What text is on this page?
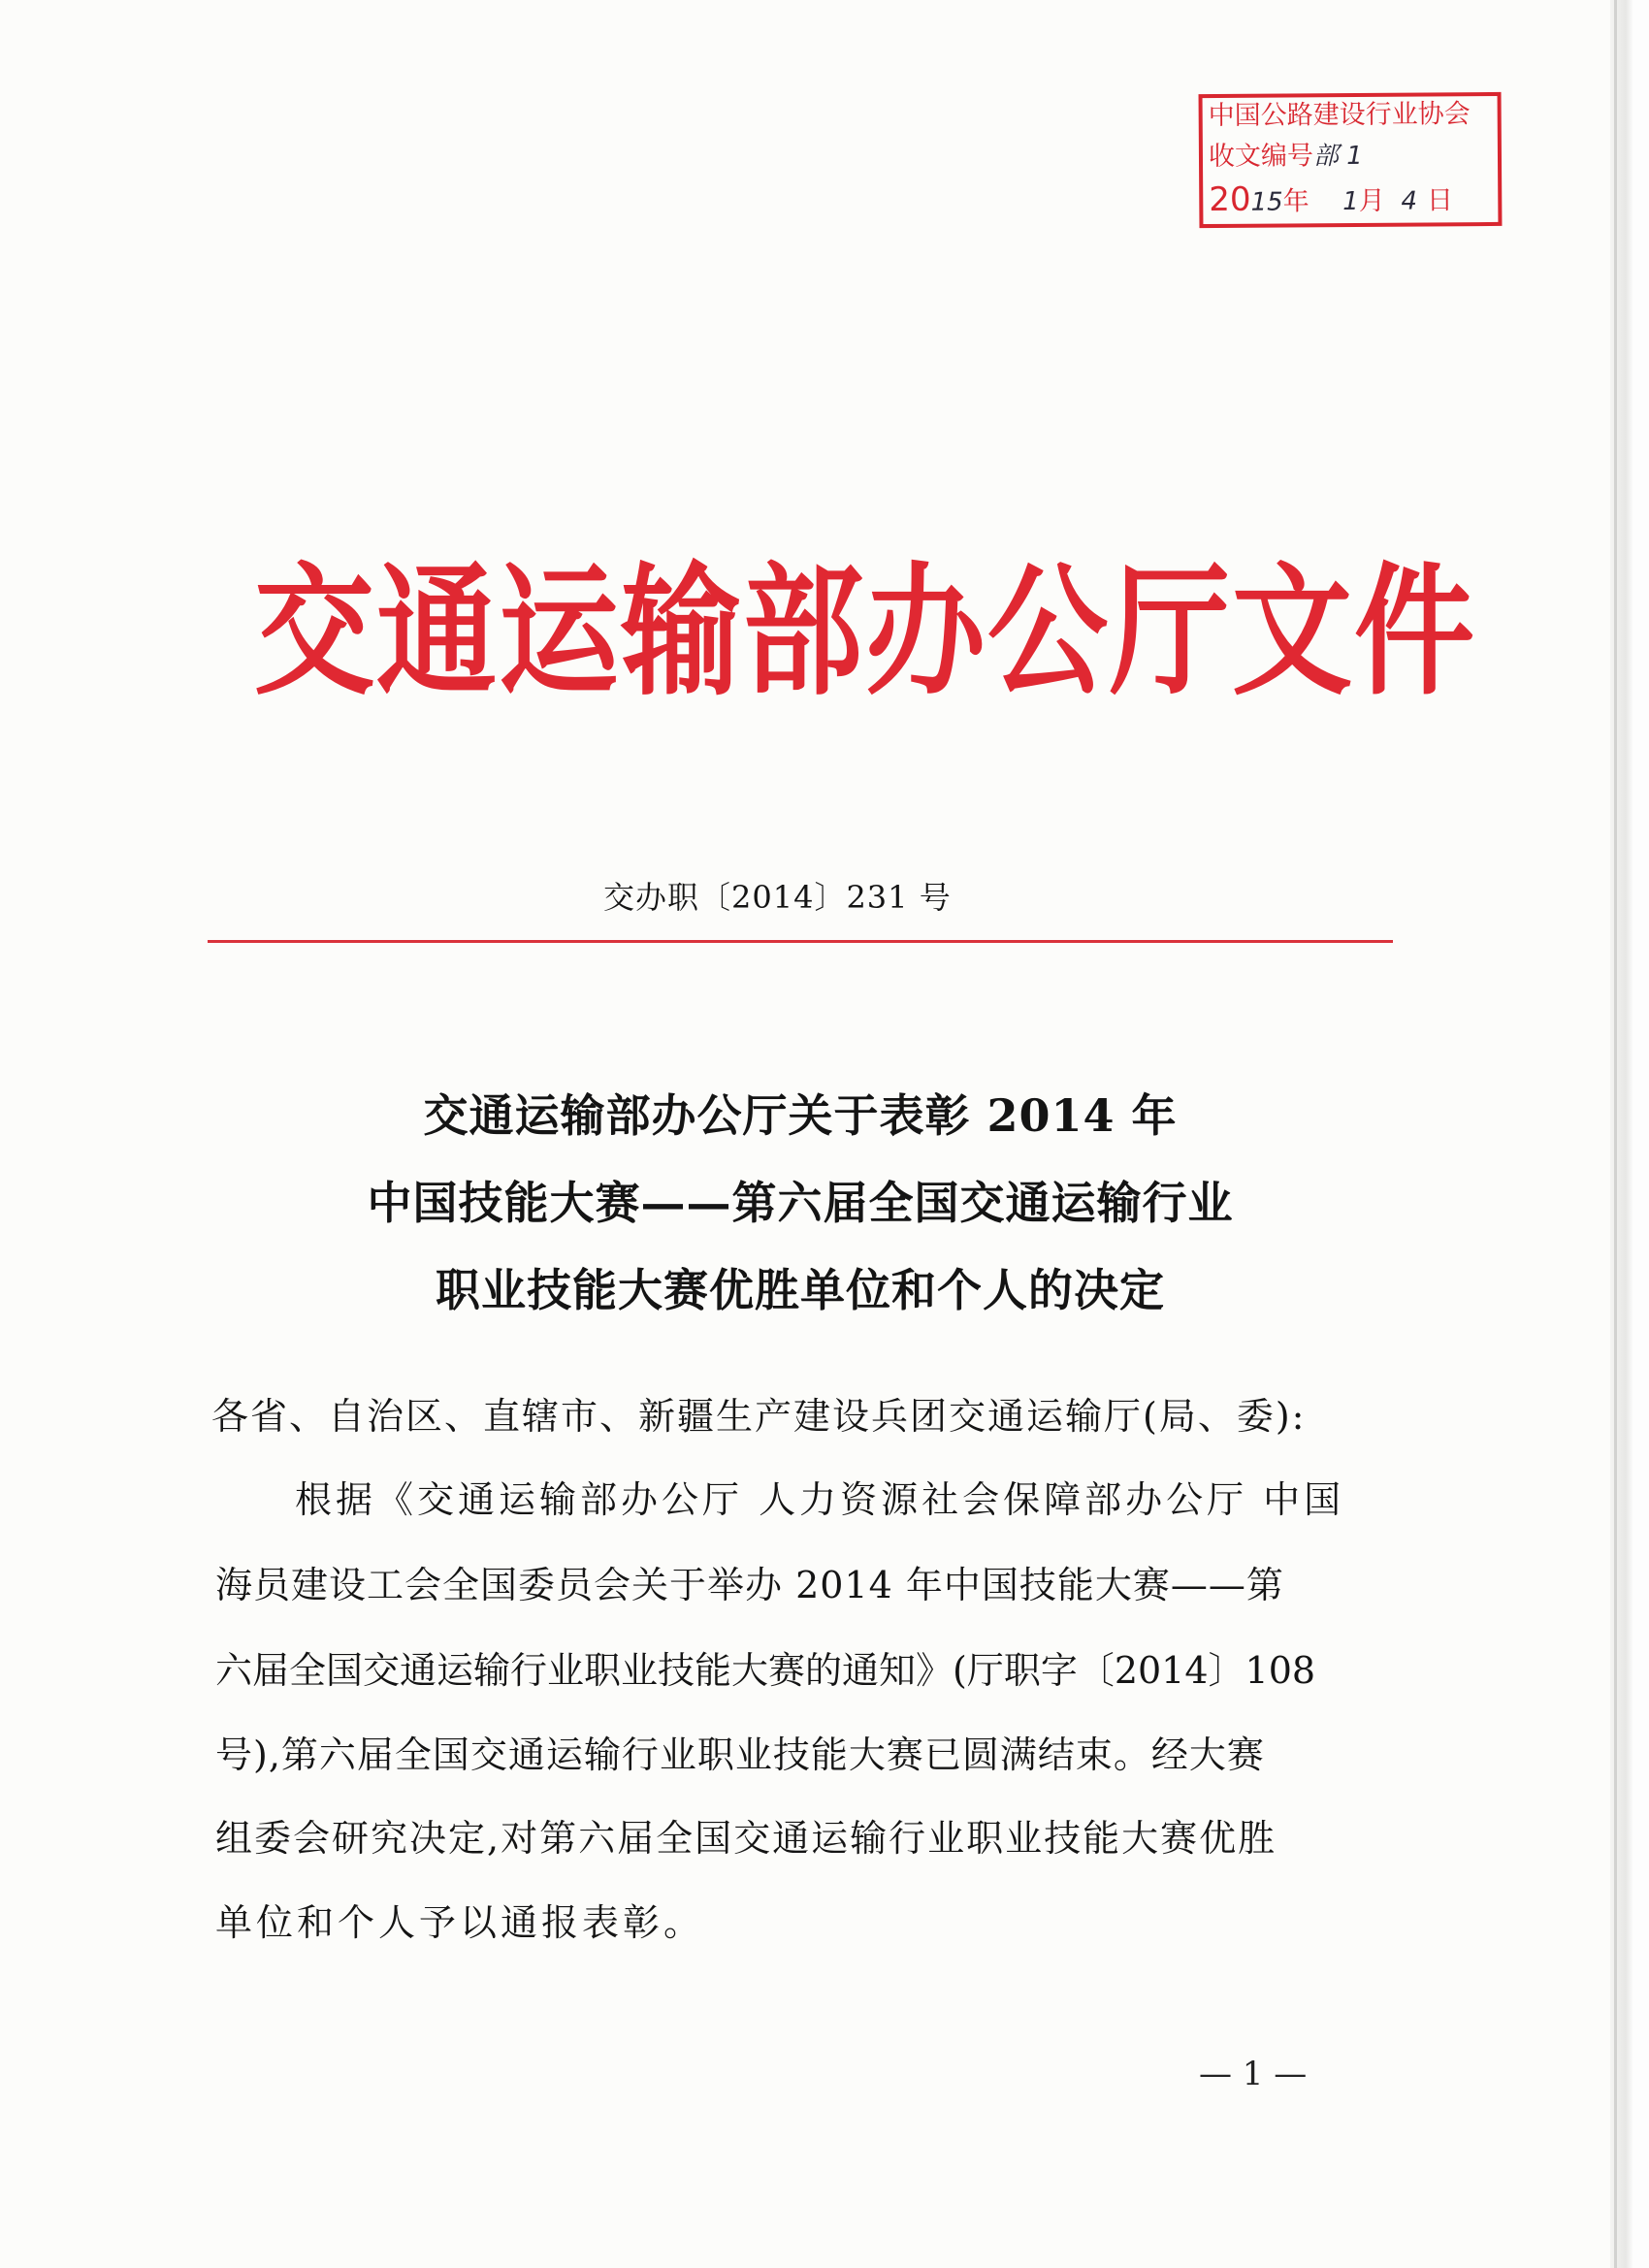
中国公路建设行业协会
收文编号部 1
2015年 1月 4 日
交通运输部办公厅文件
交办职〔2014〕231 号
交通运输部办公厅关于表彰 2014 年
中国技能大赛——第六届全国交通运输行业
职业技能大赛优胜单位和个人的决定
各省、自治区、直辖市、新疆生产建设兵团交通运输厅(局、委):
根据《交通运输部办公厅 人力资源社会保障部办公厅 中国
海员建设工会全国委员会关于举办 2014 年中国技能大赛——第
六届全国交通运输行业职业技能大赛的通知》(厅职字〔2014〕108
号),第六届全国交通运输行业职业技能大赛已圆满结束。经大赛
组委会研究决定,对第六届全国交通运输行业职业技能大赛优胜
单位和个人予以通报表彰。
— 1 —
